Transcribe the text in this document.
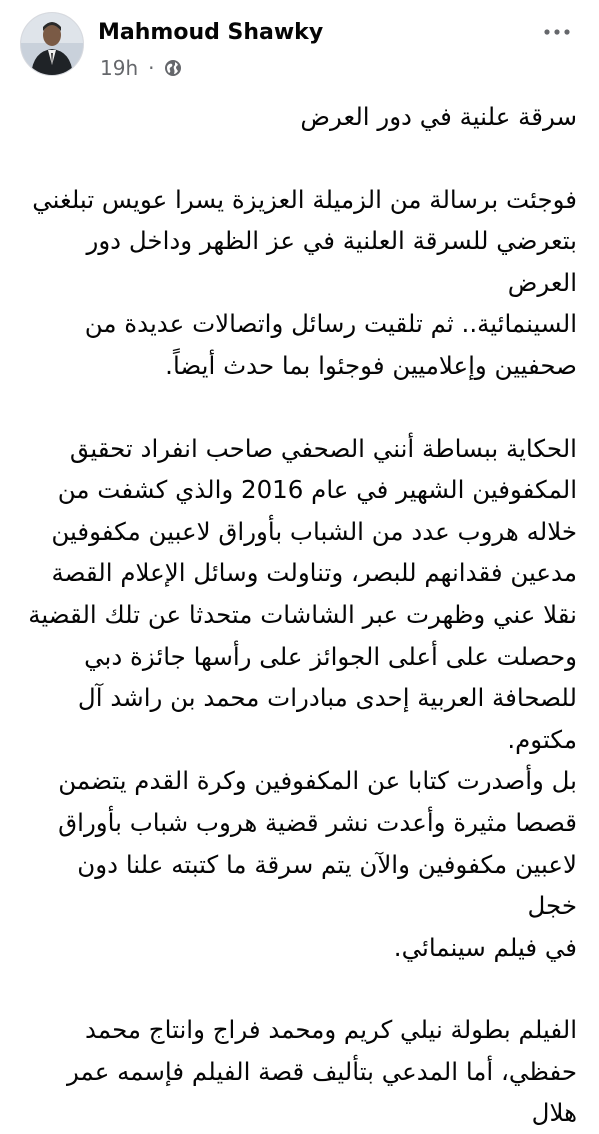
Mahmoud Shawky
19h ·

سرقة علنية في دور العرض

فوجئت برسالة من الزميلة العزيزة يسرا عويس تبلغني
بتعرضي للسرقة العلنية في عز الظهر وداخل دور العرض
السينمائية.. ثم تلقيت رسائل واتصالات عديدة من
صحفيين وإعلاميين فوجئوا بما حدث أيضاً.

الحكاية ببساطة أنني الصحفي صاحب انفراد تحقيق
المكفوفين الشهير في عام 2016 والذي كشفت من
خلاله هروب عدد من الشباب بأوراق لاعبين مكفوفين
مدعين فقدانهم للبصر، وتناولت وسائل الإعلام القصة
نقلا عني وظهرت عبر الشاشات متحدثا عن تلك القضية
وحصلت على أعلى الجوائز على رأسها جائزة دبي
للصحافة العربية إحدى مبادرات محمد بن راشد آل
مكتوم.

بل وأصدرت كتابا عن المكفوفين وكرة القدم يتضمن
قصصا مثيرة وأعدت نشر قضية هروب شباب بأوراق
لاعبين مكفوفين والآن يتم سرقة ما كتبته علنا دون خجل
في فيلم سينمائي.

الفيلم بطولة نيلي كريم ومحمد فراج وانتاج محمد
حفظي، أما المدعي بتأليف قصة الفيلم فإسمه عمر هلال
